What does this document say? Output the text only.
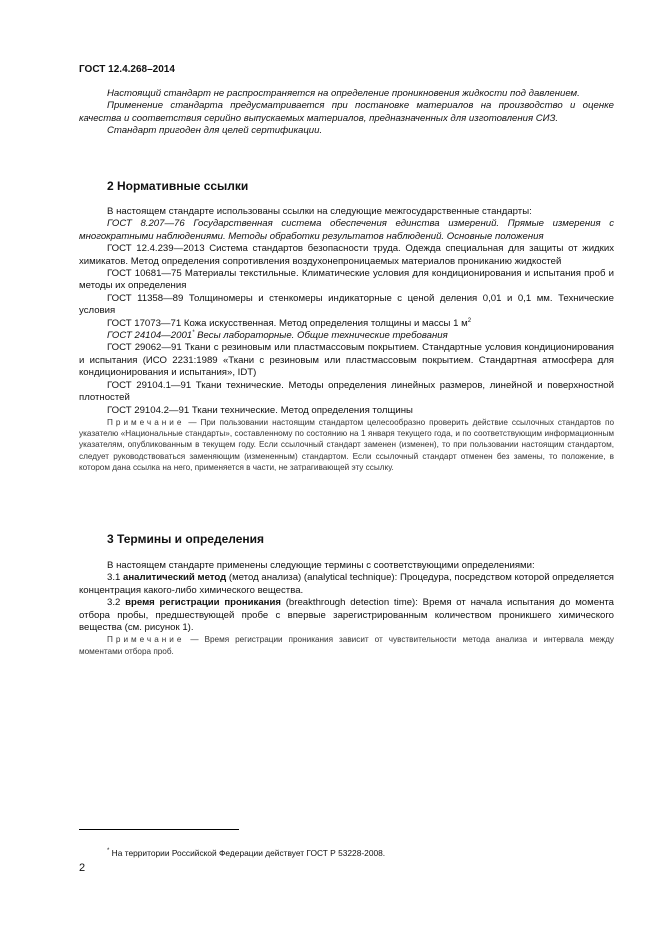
ГОСТ 12.4.268–2014

Настоящий стандарт не распространяется на определение проникновения жидкости под давлением.

Применение стандарта предусматривается при постановке материалов на производство и оценке качества и соответствия серийно выпускаемых материалов, предназначенных для изготовления СИЗ.

Стандарт пригоден для целей сертификации.

2 Нормативные ссылки

В настоящем стандарте использованы ссылки на следующие межгосударственные стандарты:

ГОСТ 8.207—76 Государственная система обеспечения единства измерений. Прямые измерения с многократными наблюдениями. Методы обработки результатов наблюдений. Основные положения

ГОСТ 12.4.239—2013 Система стандартов безопасности труда. Одежда специальная для защиты от жидких химикатов. Метод определения сопротивления воздухонепроницаемых материалов прониканию жидкостей

ГОСТ 10681—75 Материалы текстильные. Климатические условия для кондиционирования и испытания проб и методы их определения

ГОСТ 11358—89 Толщиномеры и стенкомеры индикаторные с ценой деления 0,01 и 0,1 мм. Технические условия

ГОСТ 17073—71 Кожа искусственная. Метод определения толщины и массы 1 $м^2$

ГОСТ 24104—2001* Весы лабораторные. Общие технические требования

ГОСТ 29062—91 Ткани с резиновым или пластмассовым покрытием. Стандартные условия кондиционирования и испытания (ИСО 2231:1989 «Ткани с резиновым или пластмассовым покрытием. Стандартная атмосфера для кондиционирования и испытания», IDT)

ГОСТ 29104.1—91 Ткани технические. Методы определения линейных размеров, линейной и поверхностной плотностей

ГОСТ 29104.2—91 Ткани технические. Метод определения толщины

Примечание — При пользовании настоящим стандартом целесообразно проверить действие ссылочных стандартов по указателю «Национальные стандарты», составленному по состоянию на 1 января текущего года, и по соответствующим информационным указателям, опубликованным в текущем году. Если ссылочный стандарт заменен (изменен), то при пользовании настоящим стандартом, следует руководствоваться заменяющим (измененным) стандартом. Если ссылочный стандарт отменен без замены, то положение, в котором дана ссылка на него, применяется в части, не затрагивающей эту ссылку.

3 Термины и определения

В настоящем стандарте применены следующие термины с соответствующими определениями:

3.1 аналитический метод (метод анализа) (analytical technique): Процедура, посредством которой определяется концентрация какого-либо химического вещества.

3.2 время регистрации проникания (breakthrough detection time): Время от начала испытания до момента отбора пробы, предшествующей пробе с впервые зарегистрированным количеством проникшего химического вещества (см. рисунок 1).

Примечание — Время регистрации проникания зависит от чувствительности метода анализа и интервала между моментами отбора проб.

* На территории Российской Федерации действует ГОСТ Р 53228-2008.
2
